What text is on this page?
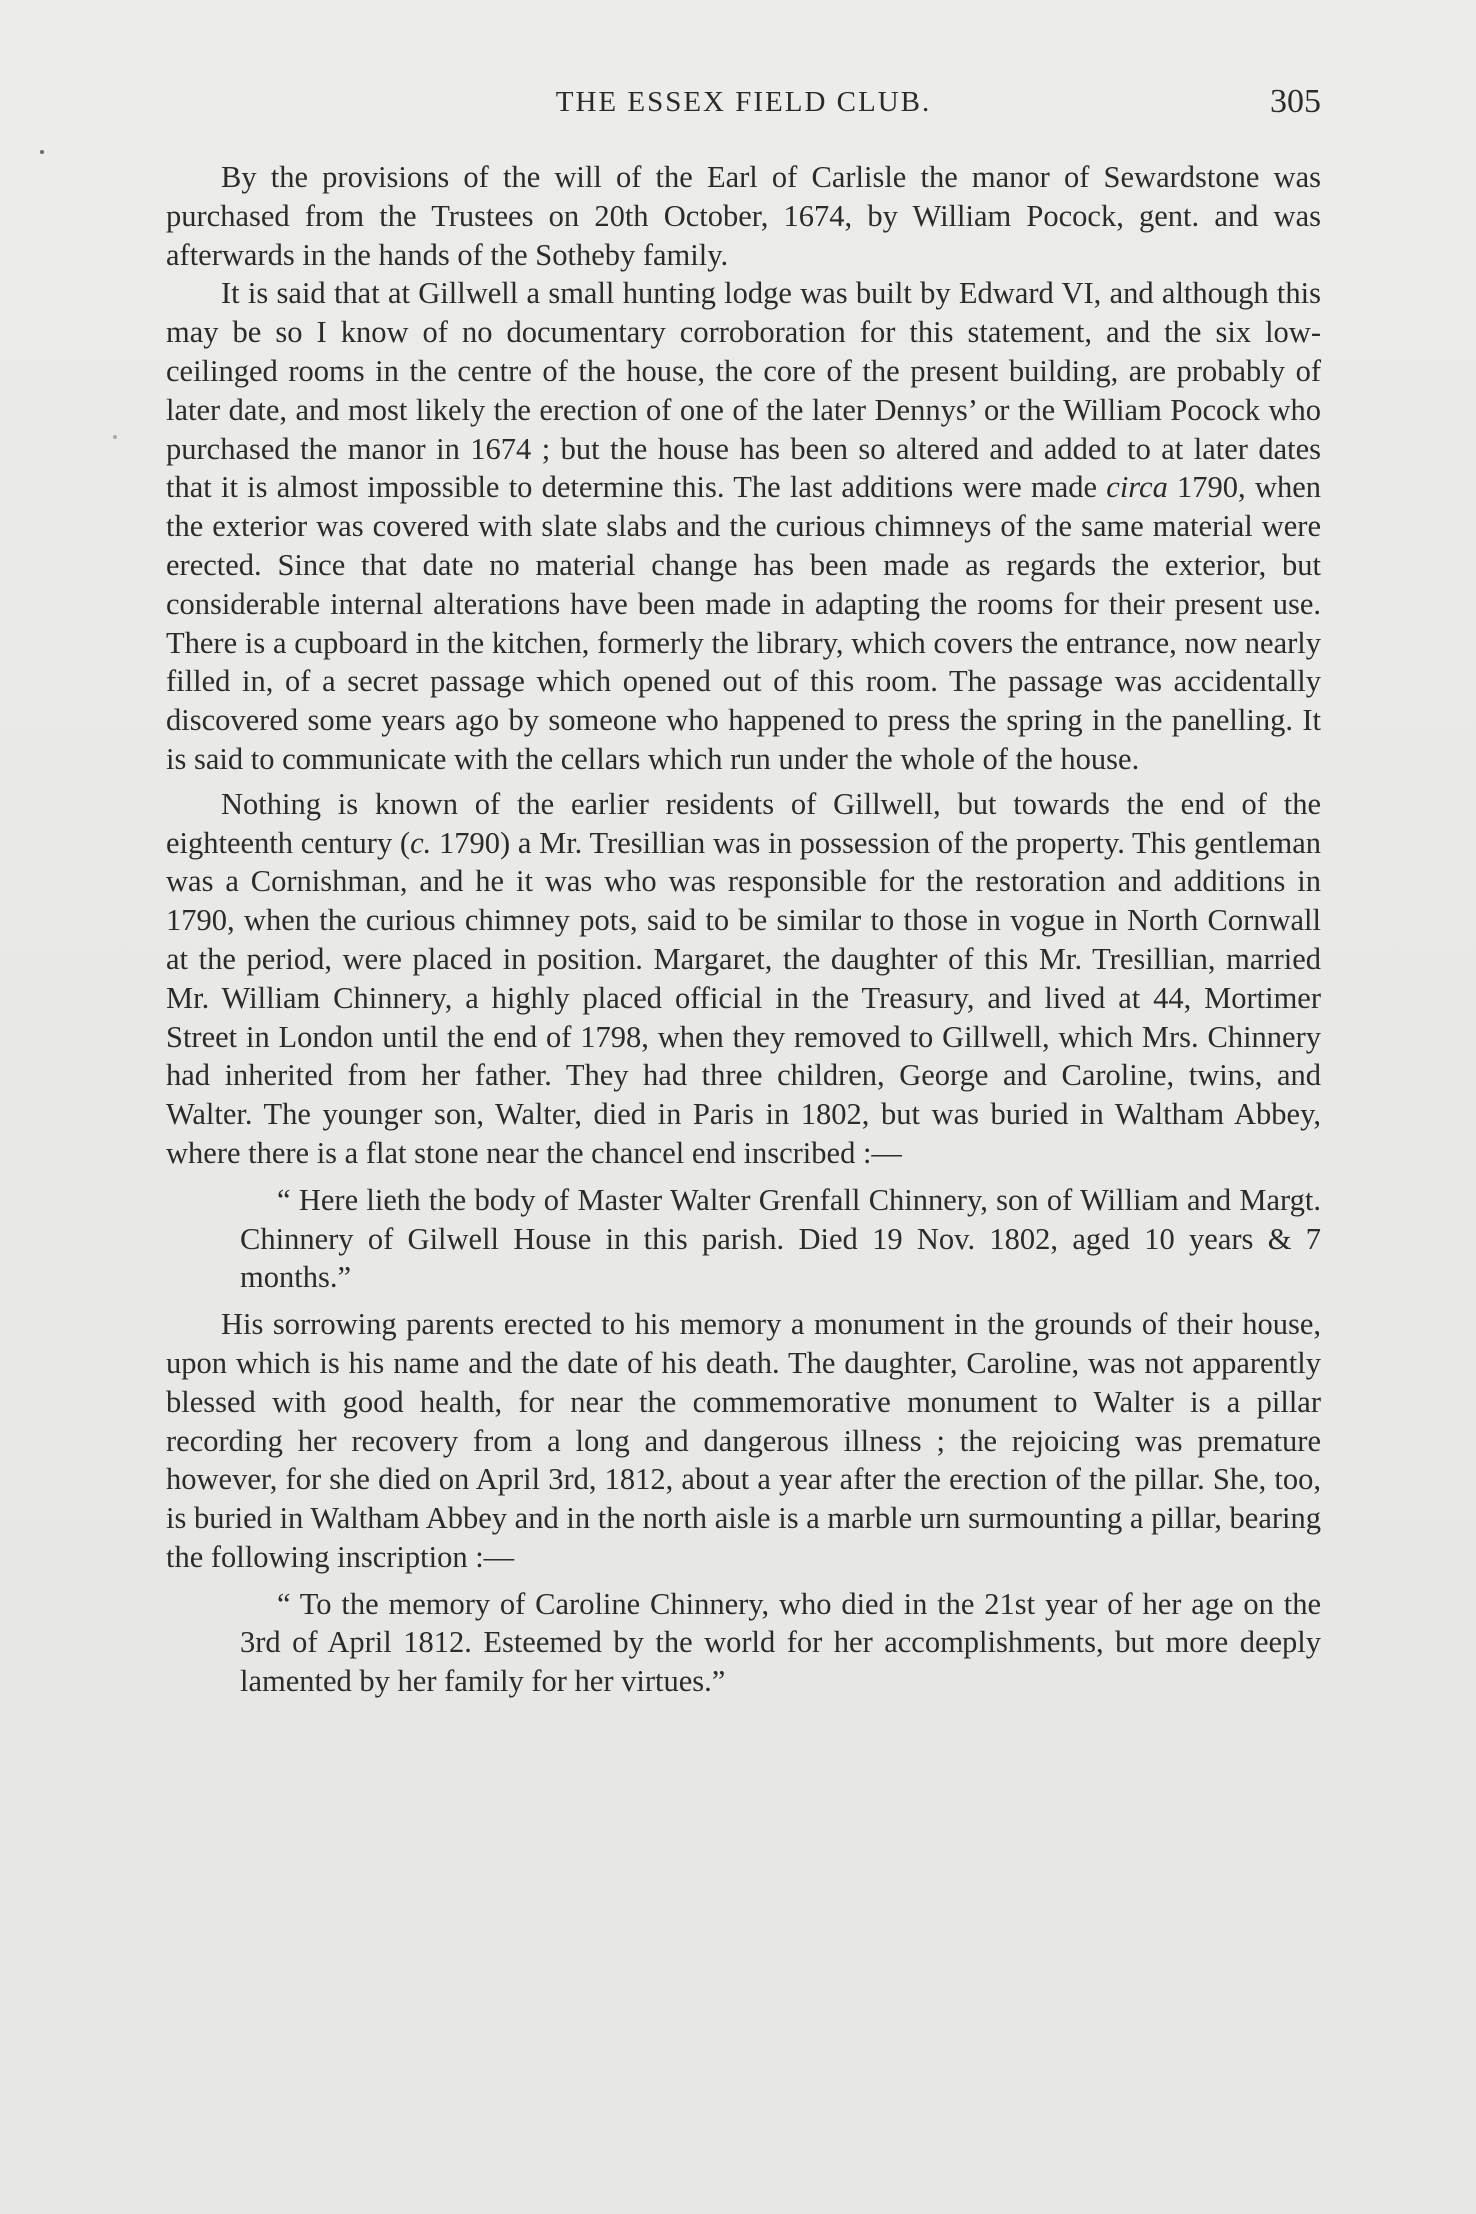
THE ESSEX FIELD CLUB.	305

By the provisions of the will of the Earl of Carlisle the manor of Sewardstone was purchased from the Trustees on 20th October, 1674, by William Pocock, gent. and was afterwards in the hands of the Sotheby family.

It is said that at Gillwell a small hunting lodge was built by Edward VI, and although this may be so I know of no documentary corroboration for this statement, and the six low-ceilinged rooms in the centre of the house, the core of the present building, are probably of later date, and most likely the erection of one of the later Dennys’ or the William Pocock who purchased the manor in 1674 ; but the house has been so altered and added to at later dates that it is almost impossible to determine this. The last additions were made circa 1790, when the exterior was covered with slate slabs and the curious chimneys of the same material were erected. Since that date no material change has been made as regards the exterior, but considerable internal alterations have been made in adapting the rooms for their present use. There is a cupboard in the kitchen, formerly the library, which covers the entrance, now nearly filled in, of a secret passage which opened out of this room. The passage was accidentally discovered some years ago by someone who happened to press the spring in the panelling. It is said to communicate with the cellars which run under the whole of the house.

Nothing is known of the earlier residents of Gillwell, but towards the end of the eighteenth century (c. 1790) a Mr. Tresillian was in possession of the property. This gentleman was a Cornishman, and he it was who was responsible for the restoration and additions in 1790, when the curious chimney pots, said to be similar to those in vogue in North Cornwall at the period, were placed in position. Margaret, the daughter of this Mr. Tresillian, married Mr. William Chinnery, a highly placed official in the Treasury, and lived at 44, Mortimer Street in London until the end of 1798, when they removed to Gillwell, which Mrs. Chinnery had inherited from her father. They had three children, George and Caroline, twins, and Walter. The younger son, Walter, died in Paris in 1802, but was buried in Waltham Abbey, where there is a flat stone near the chancel end inscribed :—

“ Here lieth the body of Master Walter Grenfall Chinnery, son of William and Margt. Chinnery of Gilwell House in this parish. Died 19 Nov. 1802, aged 10 years & 7 months.”

His sorrowing parents erected to his memory a monument in the grounds of their house, upon which is his name and the date of his death. The daughter, Caroline, was not apparently blessed with good health, for near the commemorative monument to Walter is a pillar recording her recovery from a long and dangerous illness ; the rejoicing was premature however, for she died on April 3rd, 1812, about a year after the erection of the pillar. She, too, is buried in Waltham Abbey and in the north aisle is a marble urn surmounting a pillar, bearing the following inscription :—

“ To the memory of Caroline Chinnery, who died in the 21st year of her age on the 3rd of April 1812. Esteemed by the world for her accomplishments, but more deeply lamented by her family for her virtues.”
